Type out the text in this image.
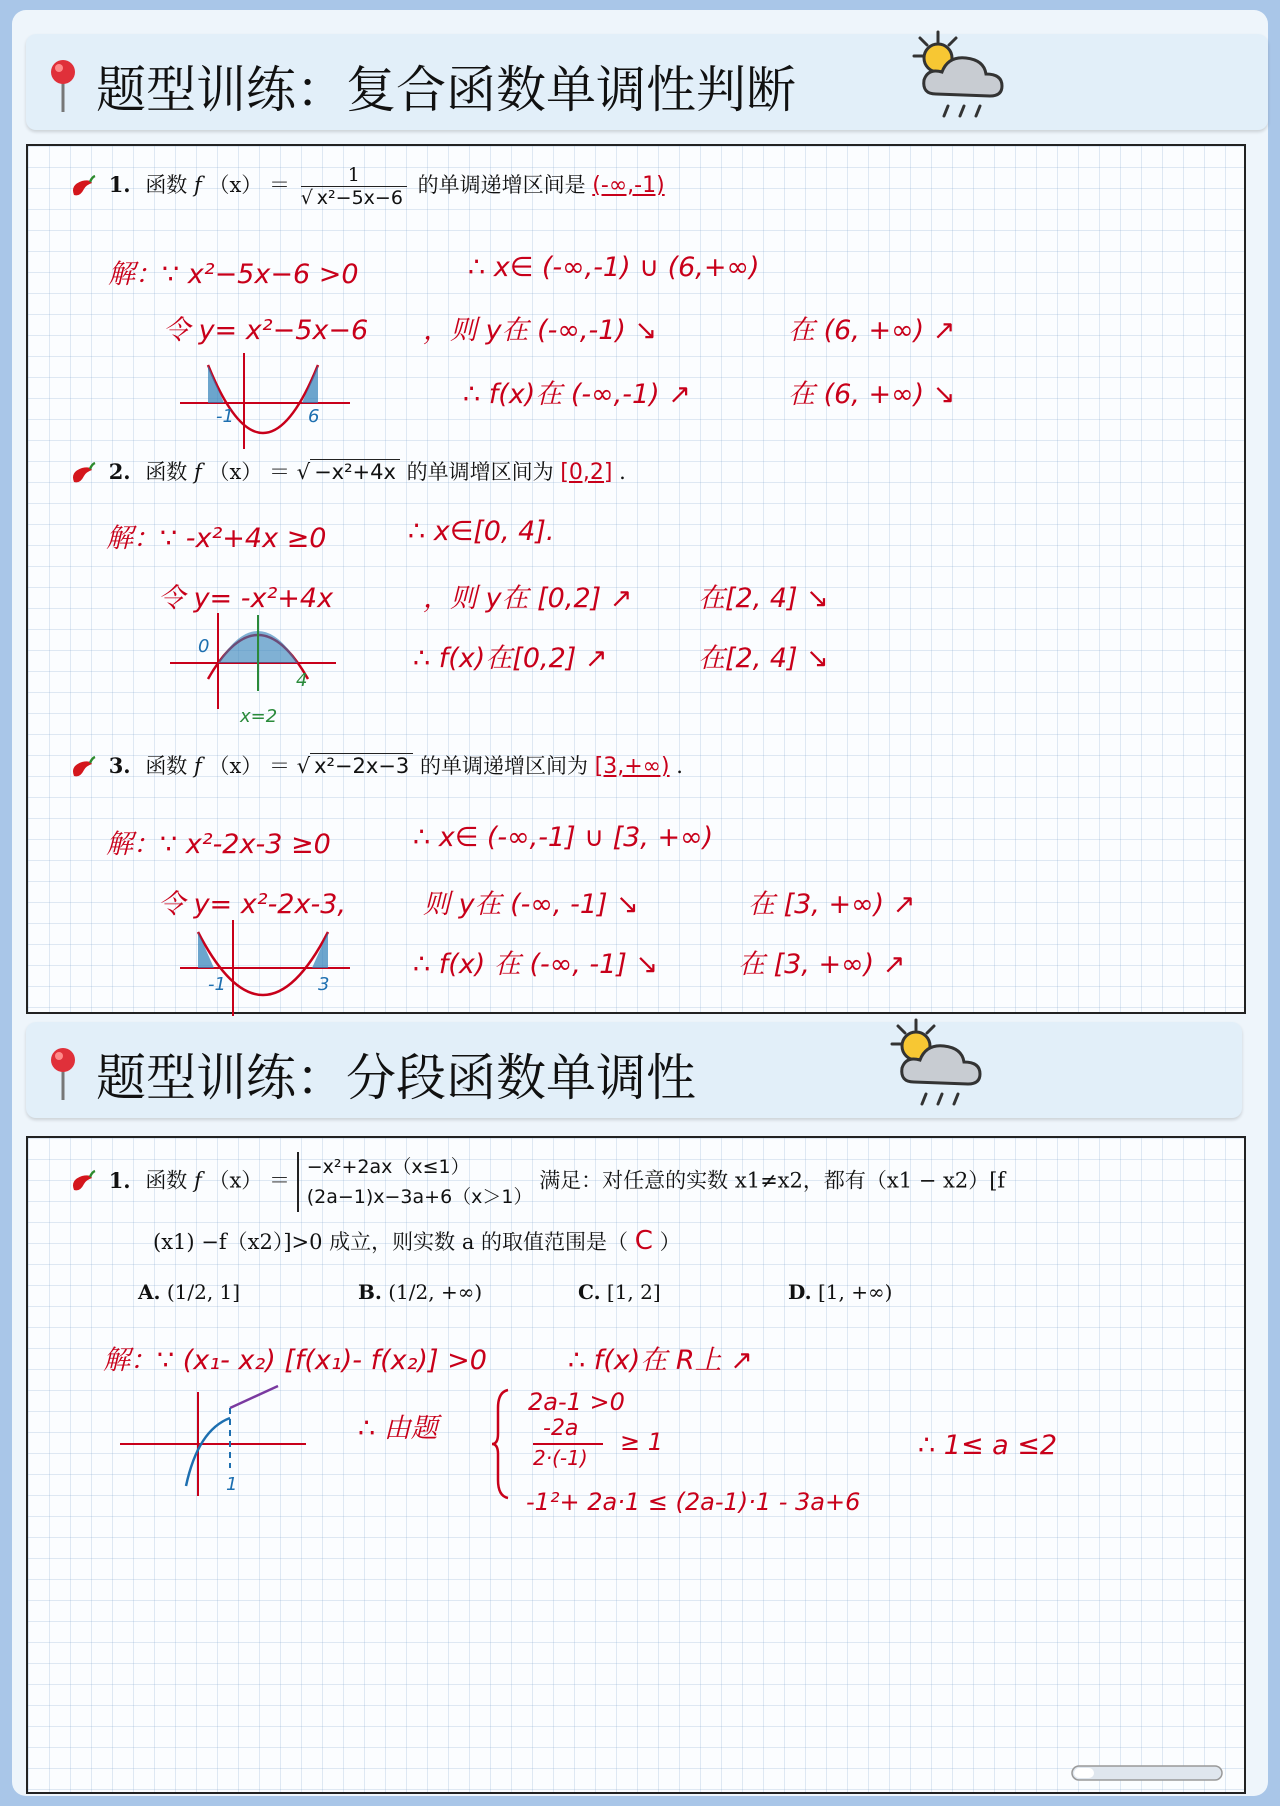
题型训练：复合函数单调性判断
1. 函数 f $(x) = \frac{1}{\text{√ x²−5x−6}}$ 的单调递增区间是 (-∞,-1)
解：∵ x²−5x−6 >0	∴ x∈ (-∞,-1) ∪ (6,+∞)
令 y= x²−5x−6 ，则 y在 (-∞,-1) ↘	在 (6, +∞) ↗
∴ f(x)在 (-∞,-1) ↗	在 (6, +∞) ↘
-1	6
2. 函数 f （x） ＝ √ −x²+4x 的单调增区间为 [0,2] .
解：∵ -x²+4x ≥0	∴ x∈[0, 4].
令 y= -x²+4x	，则 y在 [0,2] ↗ 在[2, 4] ↘
∴ f(x)在[0,2] ↗	在[2, 4] ↘
0
4
x=2
3. 函数 f （x） ＝ √ x²−2x−3 的单调递增区间为 [3,+∞) .
解：∵ x²-2x-3 ≥0	∴ x∈ (-∞,-1] ∪ [3, +∞)
令 y= x²-2x-3,	则 y在 (-∞, -1] ↘	在 [3, +∞) ↗
∴ f(x) 在 (-∞, -1] ↘	在 [3, +∞) ↗
-1	3
题型训练：分段函数单调性
1. 函数 f （x） ＝
−x²+2ax（x≤1）
(2a−1)x−3a+6（x＞1）
满足：对任意的实数 x1≠x2，都有（x1 − x2）[f
(x1) −f（x2）]>0 成立，则实数 a 的取值范围是（ C ）
A. (1/2, 1]	B. (1/2, +∞)	C. [1, 2]	D. [1, +∞)
解：∵ (x₁- x₂) [f(x₁)- f(x₂)] >0	∴ f(x)在 R上 ↗
1
∴ 由题
2a-1 >0
-2a
2·(-1)
≥ 1
-1²+ 2a·1 ≤ (2a-1)·1 - 3a+6
∴ 1≤ a ≤2
